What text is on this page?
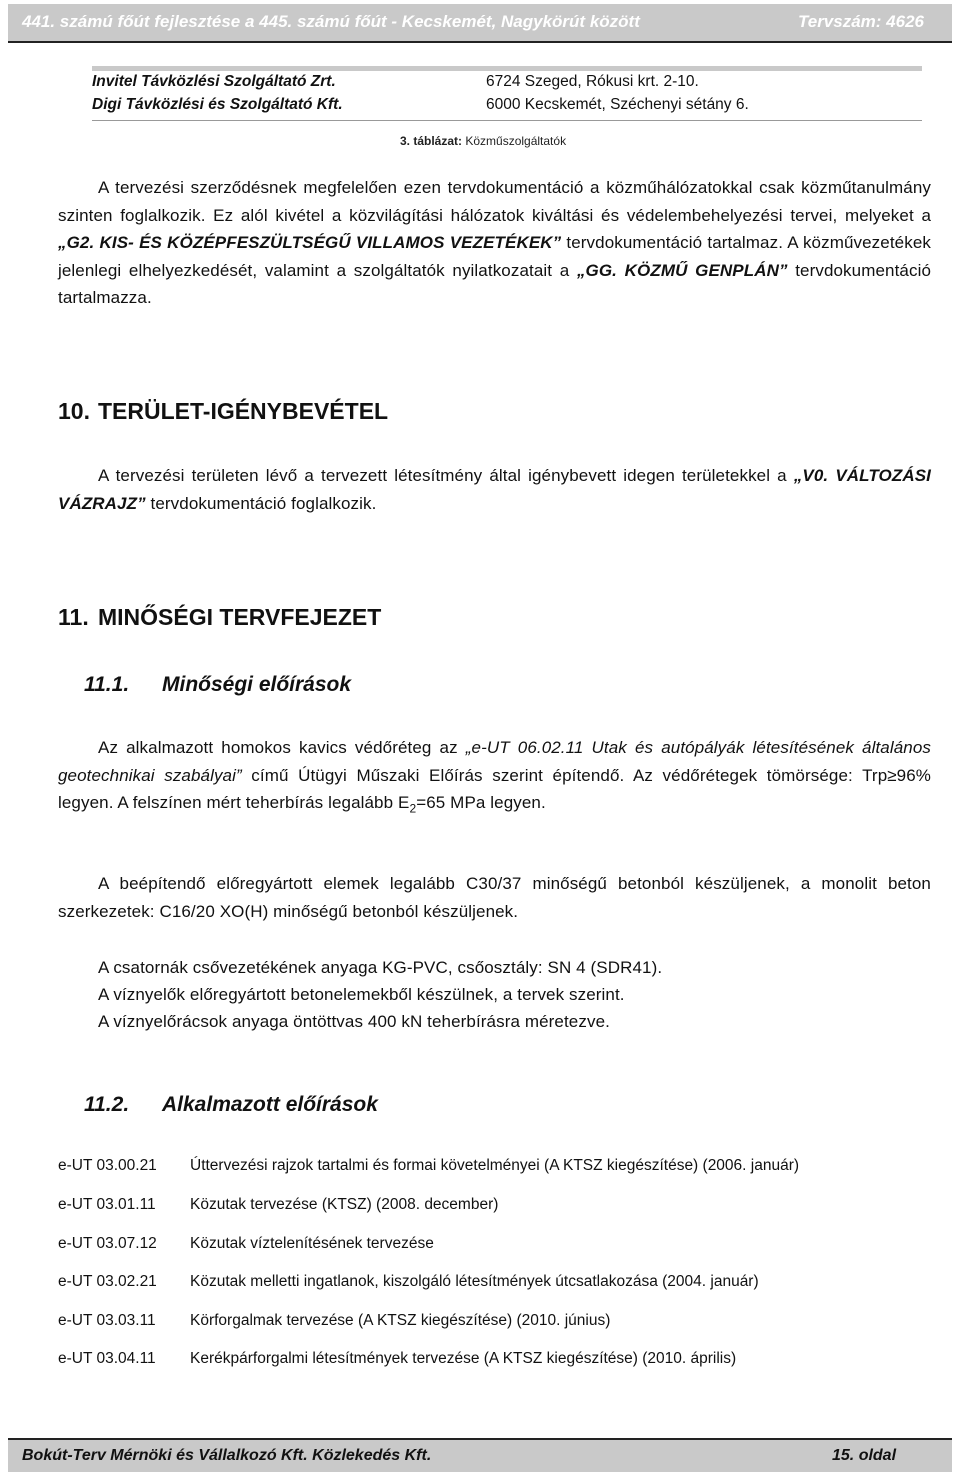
441. számú főút fejlesztése a 445. számú főút - Kecskemét, Nagykörút között	Tervszám: 4626
Invitel Távközlési Szolgáltató Zrt.	6724 Szeged, Rókusi krt. 2-10.
Digi Távközlési és Szolgáltató Kft.	6000 Kecskemét, Széchenyi sétány 6.
3. táblázat: Közműszolgáltatók
A tervezési szerződésnek megfelelően ezen tervdokumentáció a közműhálózatokkal csak közműtanulmány szinten foglalkozik. Ez alól kivétel a közvilágítási hálózatok kiváltási és védelembehelyezési tervei, melyeket a „G2. KIS- ÉS KÖZÉPFESZÜLTSÉGŰ VILLAMOS VEZETÉKEK” tervdokumentáció tartalmaz. A közművezetékek jelenlegi elhelyezkedését, valamint a szolgáltatók nyilatkozatait a „GG. KÖZMŰ GENPLÁN” tervdokumentáció tartalmazza.
10. TERÜLET-IGÉNYBEVÉTEL
A tervezési területen lévő a tervezett létesítmény által igénybevett idegen területekkel a „V0. VÁLTOZÁSI VÁZRAJZ” tervdokumentáció foglalkozik.
11. MINŐSÉGI TERVFEJEZET
11.1. Minőségi előírások
Az alkalmazott homokos kavics védőréteg az „e-UT 06.02.11 Utak és autópályák létesítésének általános geotechnikai szabályai” című Útügyi Műszaki Előírás szerint építendő. Az védőrétegek tömörsége: Trp≥96% legyen. A felszínen mért teherbírás legalább $E_2=65$ MPa legyen.
A beépítendő előregyártott elemek legalább C30/37 minőségű betonból készüljenek, a monolit beton szerkezetek: C16/20 XO(H) minőségű betonból készüljenek.
A csatornák csővezetékének anyaga KG-PVC, csőosztály: SN 4 (SDR41).
A víznyelők előregyártott betonelemekből készülnek, a tervek szerint.
A víznyelőrácsok anyaga öntöttvas 400 kN teherbírásra méretezve.
11.2. Alkalmazott előírások
e-UT 03.00.21 Úttervezési rajzok tartalmi és formai követelményei (A KTSZ kiegészítése) (2006. január)
e-UT 03.01.11 Közutak tervezése (KTSZ) (2008. december)
e-UT 03.07.12 Közutak víztelenítésének tervezése
e-UT 03.02.21 Közutak melletti ingatlanok, kiszolgáló létesítmények útcsatlakozása (2004. január)
e-UT 03.03.11 Körforgalmak tervezése (A KTSZ kiegészítése) (2010. június)
e-UT 03.04.11 Kerékpárforgalmi létesítmények tervezése (A KTSZ kiegészítése) (2010. április)
Bokút-Terv Mérnöki és Vállalkozó Kft. Közlekedés Kft.	15. oldal
